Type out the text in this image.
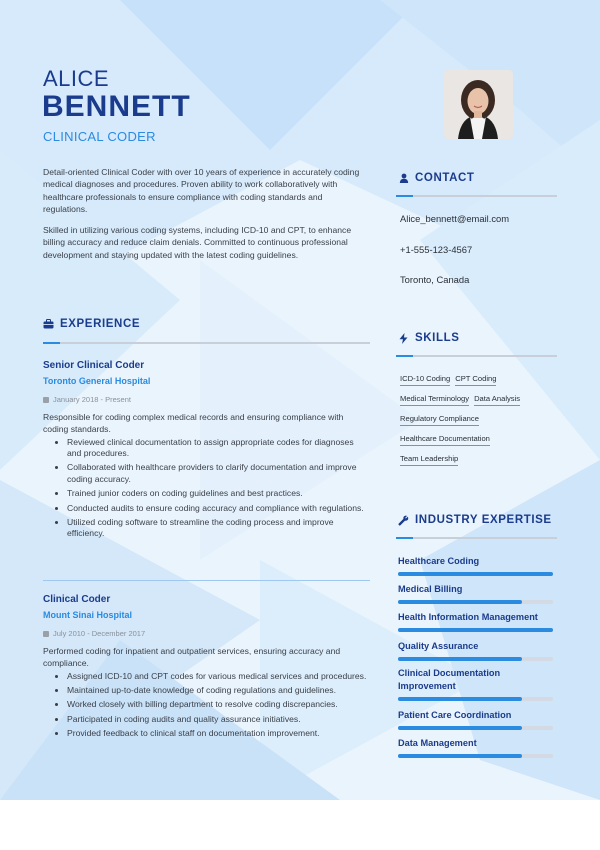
ALICE
BENNETT
CLINICAL CODER

Detail-oriented Clinical Coder with over 10 years of experience in accurately coding medical diagnoses and procedures. Proven ability to work collaboratively with healthcare professionals to ensure compliance with coding standards and regulations.

Skilled in utilizing various coding systems, including ICD-10 and CPT, to enhance billing accuracy and reduce claim denials. Committed to continuous professional development and staying updated with the latest coding guidelines.

EXPERIENCE
Senior Clinical Coder
Toronto General Hospital
January 2018 - Present
Responsible for coding complex medical records and ensuring compliance with coding standards.
• Reviewed clinical documentation to assign appropriate codes for diagnoses and procedures.
• Collaborated with healthcare providers to clarify documentation and improve coding accuracy.
• Trained junior coders on coding guidelines and best practices.
• Conducted audits to ensure coding accuracy and compliance with regulations.
• Utilized coding software to streamline the coding process and improve efficiency.
Clinical Coder
Mount Sinai Hospital
July 2010 - December 2017
Performed coding for inpatient and outpatient services, ensuring accuracy and compliance.
• Assigned ICD-10 and CPT codes for various medical services and procedures.
• Maintained up-to-date knowledge of coding regulations and guidelines.
• Worked closely with billing department to resolve coding discrepancies.
• Participated in coding audits and quality assurance initiatives.
• Provided feedback to clinical staff on documentation improvement.
CONTACT
Alice_bennett@email.com
+1-555-123-4567
Toronto, Canada
SKILLS
ICD-10 Coding CPT Coding
Medical Terminology Data Analysis
Regulatory Compliance
Healthcare Documentation
Team Leadership
INDUSTRY EXPERTISE
Healthcare Coding
Medical Billing
Health Information Management
Quality Assurance
Clinical Documentation Improvement
Patient Care Coordination
Data Management
